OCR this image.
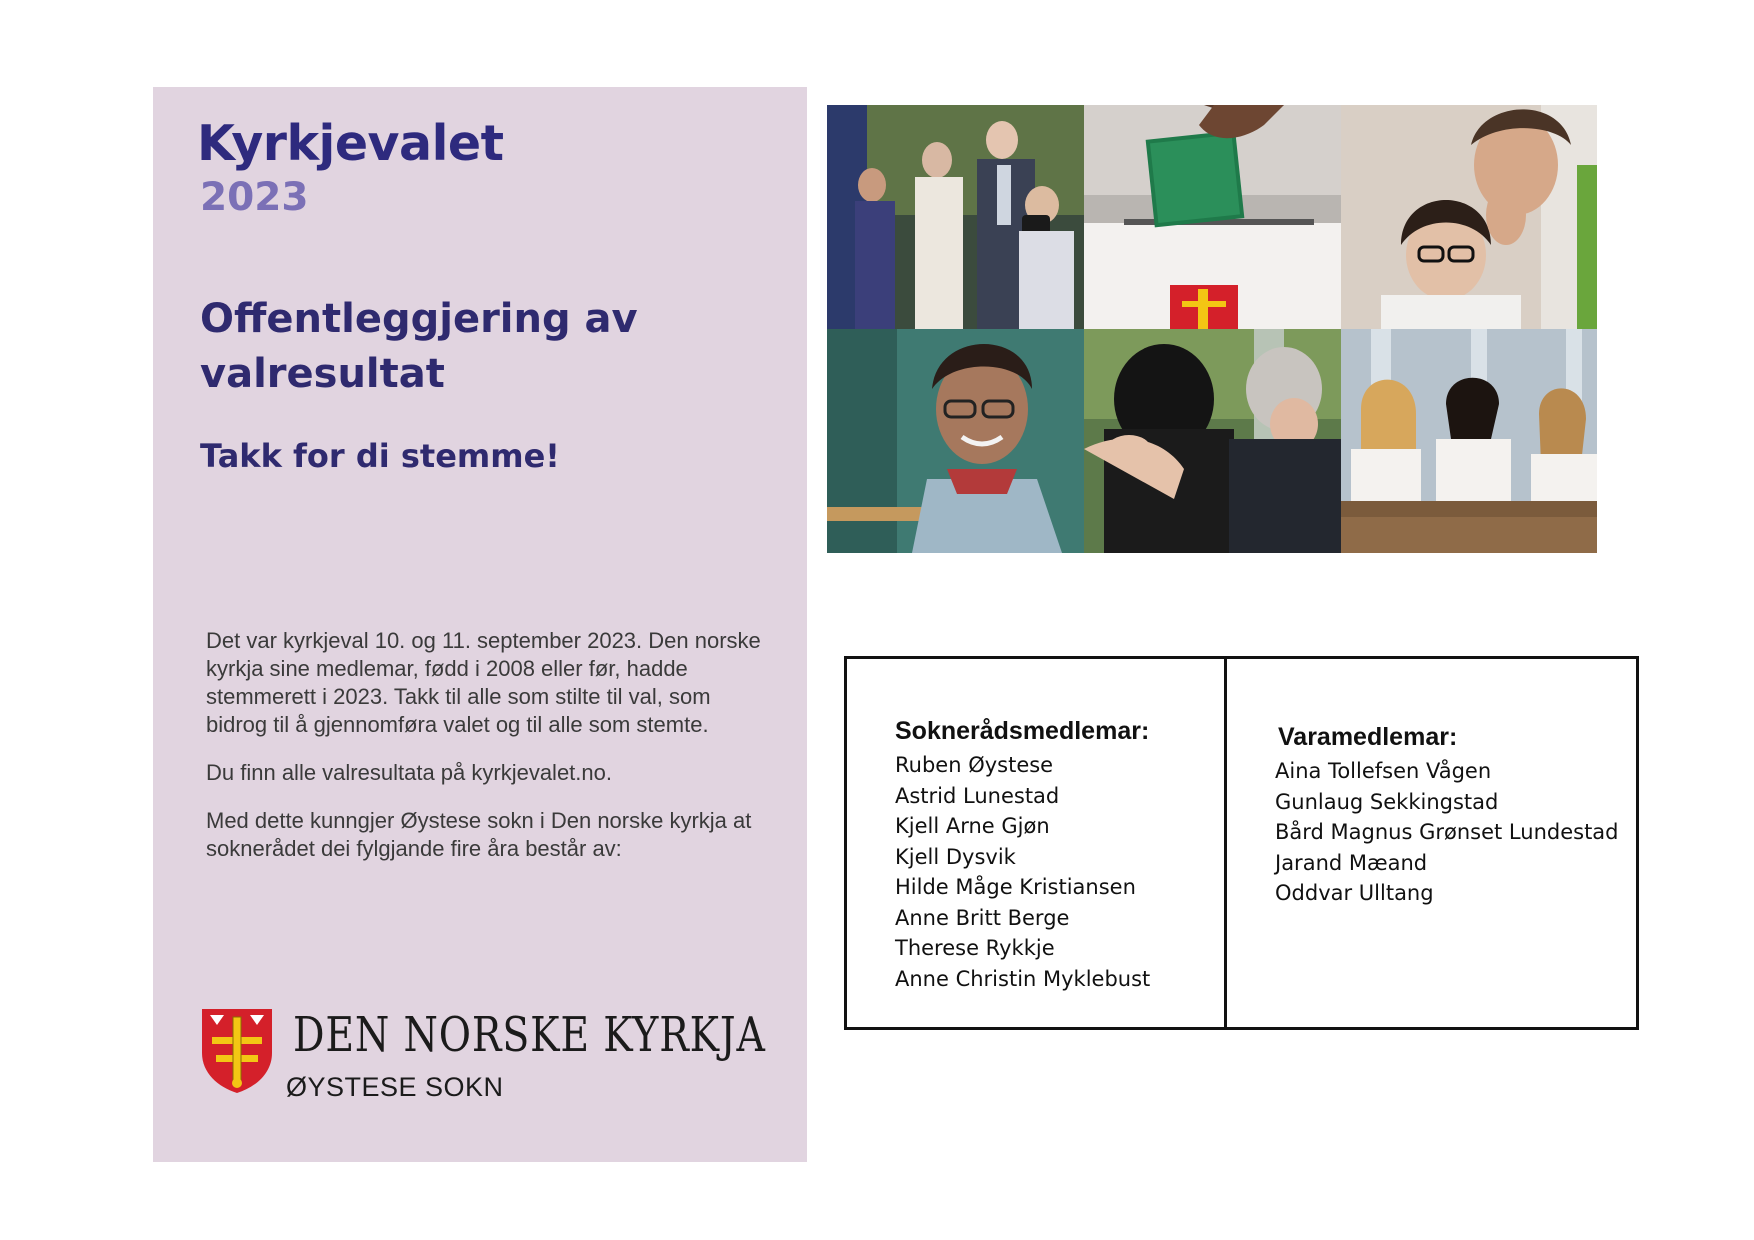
Kyrkjevalet
2023
Offentleggjering av valresultat
Takk for di stemme!

Det var kyrkjeval 10. og 11. september 2023. Den norske kyrkja sine medlemar, fødd i 2008 eller før, hadde stemmerett i 2023. Takk til alle som stilte til val, som bidrog til å gjennomføra valet og til alle som stemte.

Du finn alle valresultata på kyrkjevalet.no.

Med dette kunngjer Øystese sokn i Den norske kyrkja at soknerådet dei fylgjande fire åra består av:

DEN NORSKE KYRKJA
ØYSTESE SOKN
Soknerådsmedlemar:
Ruben Øystese
Astrid Lunestad
Kjell Arne Gjøn
Kjell Dysvik
Hilde Måge Kristiansen
Anne Britt Berge
Therese Rykkje
Anne Christin Myklebust
Varamedlemar:
Aina Tollefsen Vågen
Gunlaug Sekkingstad
Bård Magnus Grønset Lundestad
Jarand Mæand
Oddvar Ulltang
